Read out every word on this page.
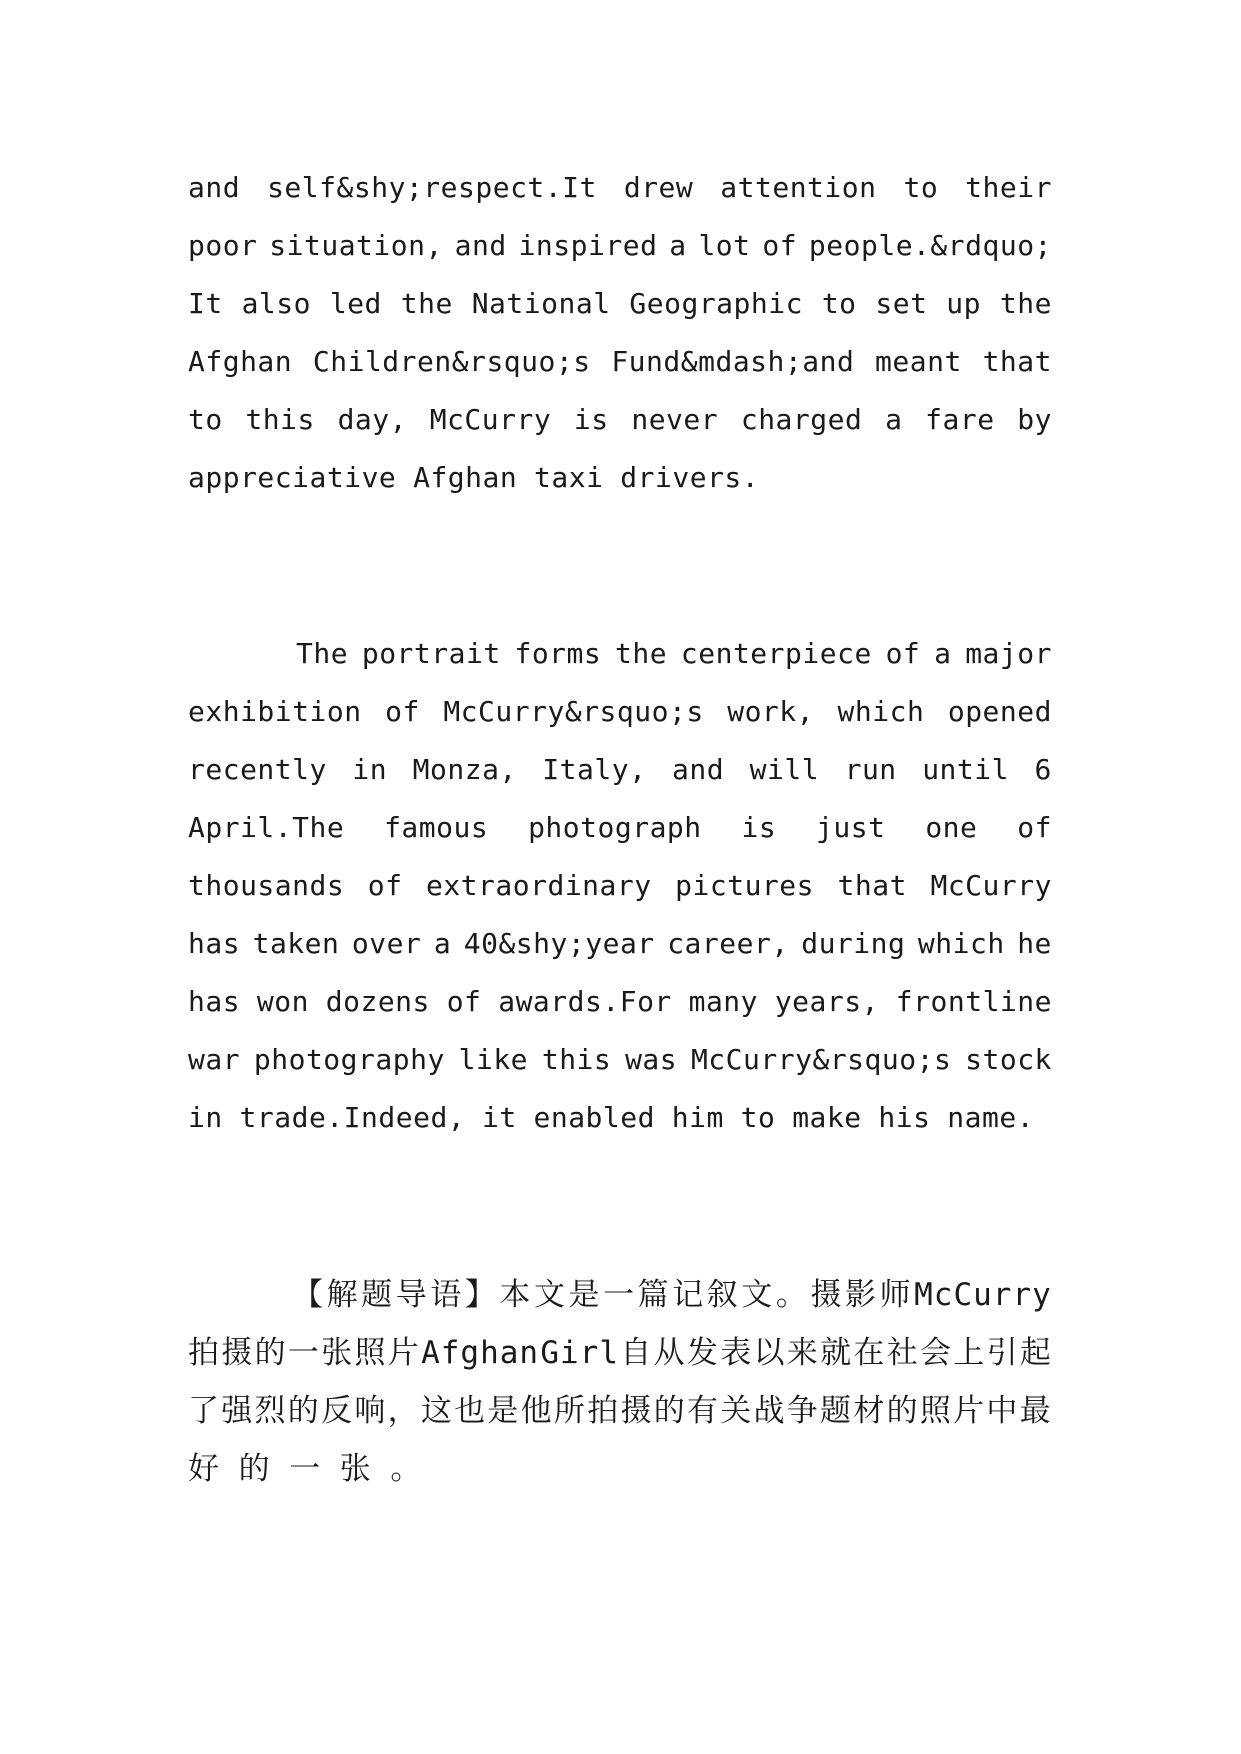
and self&shy;respect.It drew attention to their
poor situation, and inspired a lot of people.&rdquo;
It also led the National Geographic to set up the
Afghan Children&rsquo;s Fund&mdash;and meant that
to this day, McCurry is never charged a fare by
appreciative Afghan taxi drivers.
The portrait forms the centerpiece of a major
exhibition of McCurry&rsquo;s work, which opened
recently in Monza, Italy, and will run until 6
April.The famous photograph is just one of
thousands of extraordinary pictures that McCurry
has taken over a 40&shy;year career, during which he
has won dozens of awards.For many years, frontline
war photography like this was McCurry&rsquo;s stock
in trade.Indeed, it enabled him to make his name.
【 解 题 导 语 】 本 文 是 一 篇 记 叙 文 。 摄 影 师 McCurry
拍 摄 的 一 张 照 片 Afghan Girl 自 从 发 表 以 来 就 在 社 会 上 引 起
了 强 烈 的 反 响 ， 这 也 是 他 所 拍 摄 的 有 关 战 争 题 材 的 照 片 中 最
好 的 一 张 。
